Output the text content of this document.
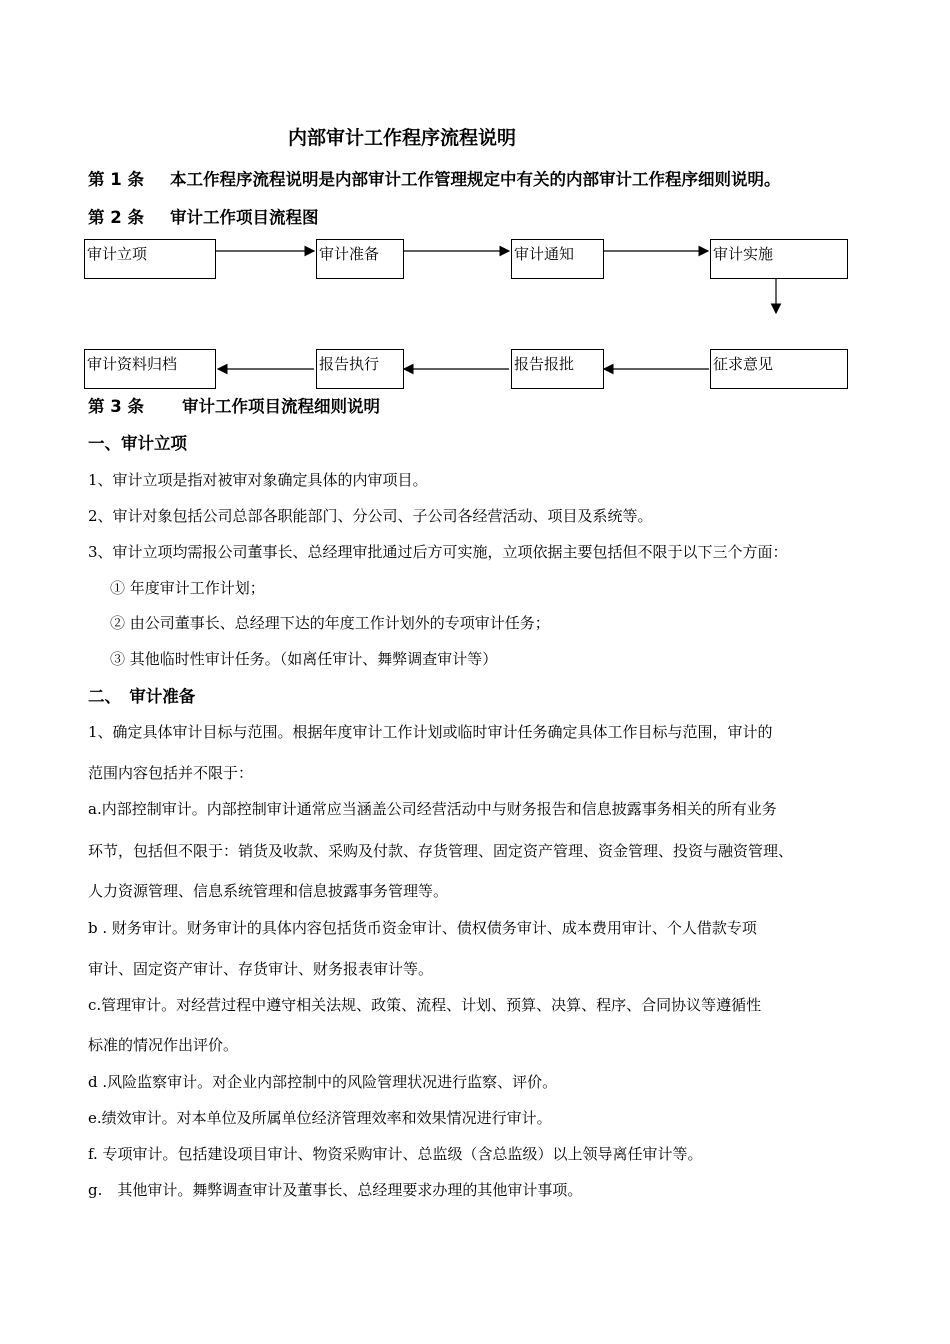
内部审计工作程序流程说明
第 1 条 本工作程序流程说明是内部审计工作管理规定中有关的内部审计工作程序细则说明。
第 2 条 审计工作项目流程图
审计立项	审计准备	审计通知	审计实施
征求意见
报告报批
报告执行
审计资料归档
第 3 条 审计工作项目流程细则说明
一、审计立项
1、审计立项是指对被审对象确定具体的内审项目。
2、审计对象包括公司总部各职能部门、分公司、子公司各经营活动、项目及系统等。
3、审计立项均需报公司董事长、总经理审批通过后方可实施，立项依据主要包括但不限于以下三个方面：
① 年度审计工作计划；
② 由公司董事长、总经理下达的年度工作计划外的专项审计任务；
③ 其他临时性审计任务。（如离任审计、舞弊调查审计等）
二、　审计准备
1、确定具体审计目标与范围。根据年度审计工作计划或临时审计任务确定具体工作目标与范围，审计的
范围内容包括并不限于：
a.内部控制审计。内部控制审计通常应当涵盖公司经营活动中与财务报告和信息披露事务相关的所有业务
环节，包括但不限于：销货及收款、采购及付款、存货管理、固定资产管理、资金管理、投资与融资管理、
人力资源管理、信息系统管理和信息披露事务管理等。
b . 财务审计。财务审计的具体内容包括货币资金审计、债权债务审计、成本费用审计、个人借款专项
审计、固定资产审计、存货审计、财务报表审计等。
c.管理审计。对经营过程中遵守相关法规、政策、流程、计划、预算、决算、程序、合同协议等遵循性
标准的情况作出评价。
d .风险监察审计。对企业内部控制中的风险管理状况进行监察、评价。
e.绩效审计。对本单位及所属单位经济管理效率和效果情况进行审计。
f. 专项审计。包括建设项目审计、物资采购审计、总监级（含总监级）以上领导离任审计等。
g.　其他审计。舞弊调查审计及董事长、总经理要求办理的其他审计事项。
